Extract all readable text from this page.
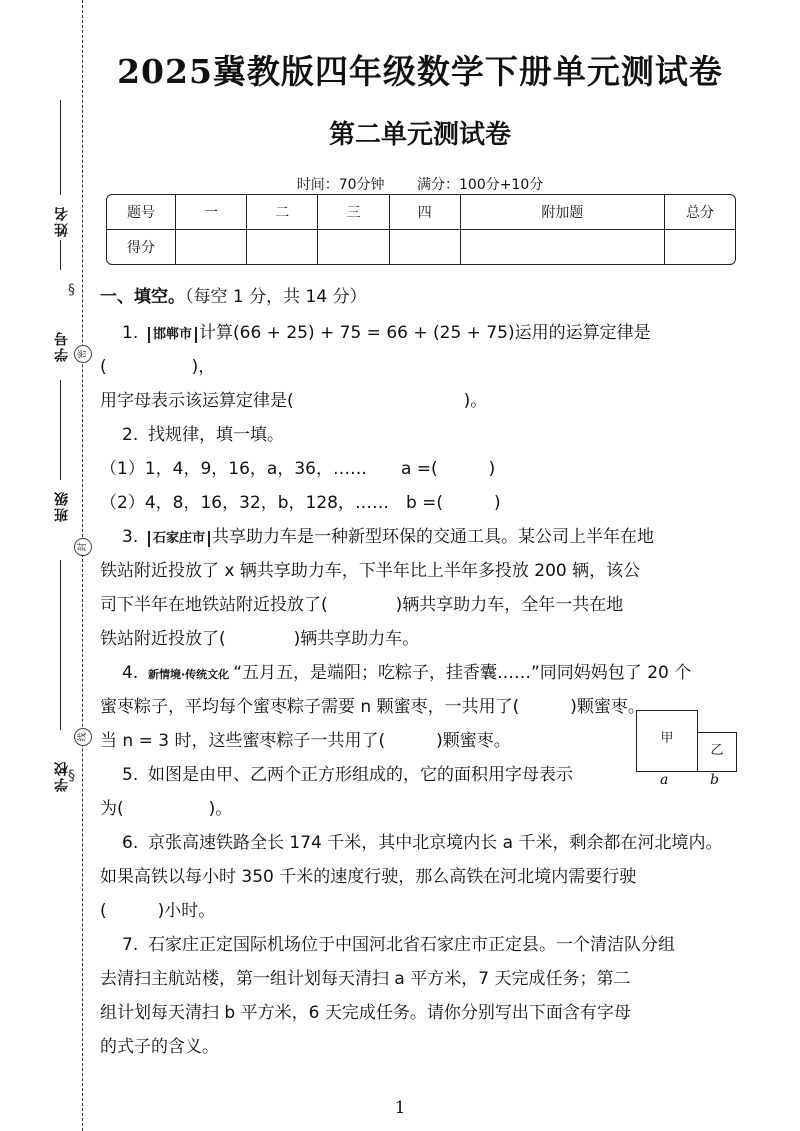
姓名
§
学号 密
班级
封
线
学校
§
2025冀教版四年级数学下册单元测试卷
第二单元测试卷
时间：70分钟 满分：100分+10分
题号	一	二	三	四	附加题	总分
得分						
一、填空。（每空 1 分，共 14 分）

1. 邯郸市 计算(66 + 25) + 75 = 66 + (25 + 75)运用的运算定律是(　　　　　)，

用字母表示该运算定律是(　　　　　　　　　　)。

2. 找规律，填一填。

（1）1，4，9，16，a，36，……　　a =(　　　)

（2）4，8，16，32，b，128，……　b =(　　　)

3. 石家庄市 共享助力车是一种新型环保的交通工具。某公司上半年在地

铁站附近投放了 x 辆共享助力车，下半年比上半年多投放 200 辆，该公

司下半年在地铁站附近投放了(　　　　)辆共享助力车，全年一共在地

铁站附近投放了(　　　　)辆共享助力车。

4. 新情境·传统文化 “五月五，是端阳；吃粽子，挂香囊……”同同妈妈包了 20 个

蜜枣粽子，平均每个蜜枣粽子需要 n 颗蜜枣，一共用了(　　　)颗蜜枣。

当 n = 3 时，这些蜜枣粽子一共用了(　　　)颗蜜枣。

5. 如图是由甲、乙两个正方形组成的，它的面积用字母表示

为(　　　　　)。

6. 京张高速铁路全长 174 千米，其中北京境内长 a 千米，剩余都在河北境内。

如果高铁以每小时 350 千米的速度行驶，那么高铁在河北境内需要行驶

(　　　)小时。

7. 石家庄正定国际机场位于中国河北省石家庄市正定县。一个清洁队分组

去清扫主航站楼，第一组计划每天清扫 a 平方米，7 天完成任务；第二

组计划每天清扫 b 平方米，6 天完成任务。请你分别写出下面含有字母

的式子的含义。

甲
乙
a	b
1
